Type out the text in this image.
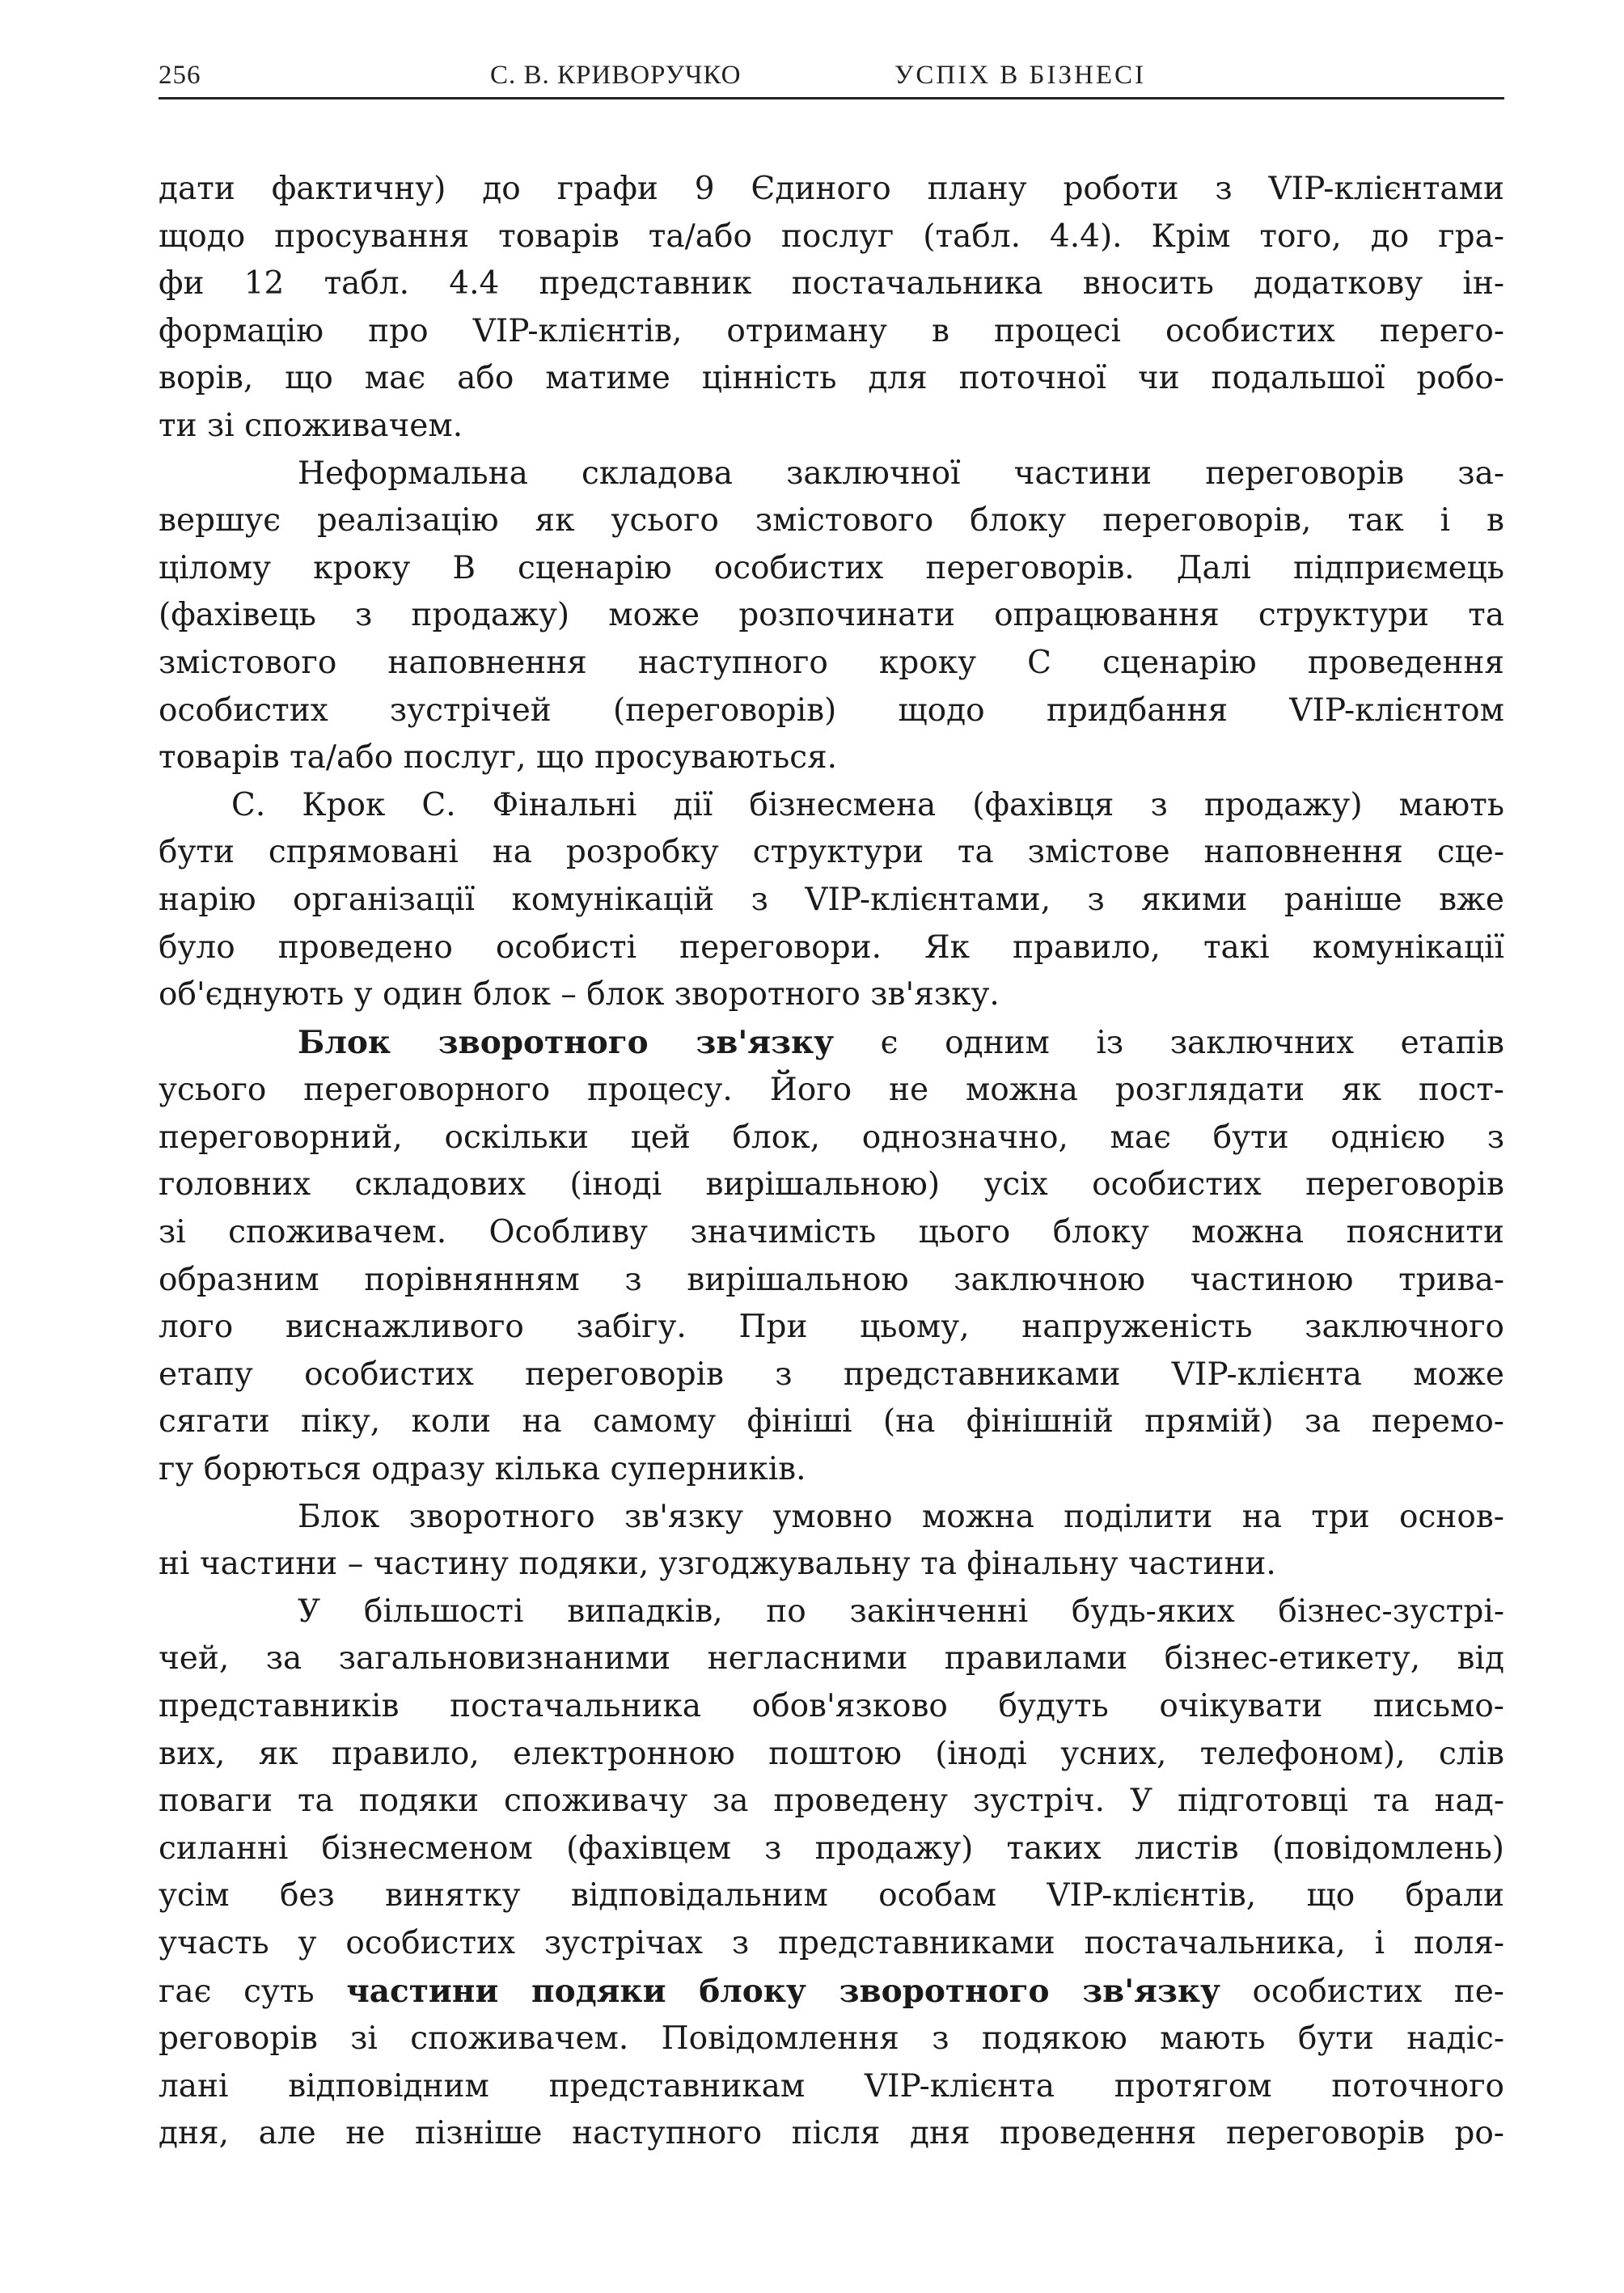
256	С. В. КРИВОРУЧКО	УСПІХ В БІЗНЕСІ

дати фактичну) до графи 9 Єдиного плану роботи з VIP-клієнтами
щодо просування товарів та/або послуг (табл. 4.4). Крім того, до гра-
фи 12 табл. 4.4 представник постачальника вносить додаткову ін-
формацію про VIP-клієнтів, отриману в процесі особистих перего-
ворів, що має або матиме цінність для поточної чи подальшої робо-
ти зі споживачем.

Неформальна складова заключної частини переговорів за-
вершує реалізацію як усього змістового блоку переговорів, так і в
цілому кроку В сценарію особистих переговорів. Далі підприємець
(фахівець з продажу) може розпочинати опрацювання структури та
змістового наповнення наступного кроку С сценарію проведення
особистих зустрічей (переговорів) щодо придбання VIP-клієнтом
товарів та/або послуг, що просуваються.

С. Крок С. Фінальні дії бізнесмена (фахівця з продажу) мають
бути спрямовані на розробку структури та змістове наповнення сце-
нарію організації комунікацій з VIP-клієнтами, з якими раніше вже
було проведено особисті переговори. Як правило, такі комунікації
об'єднують у один блок – блок зворотного зв'язку.

Блок зворотного зв'язку є одним із заключних етапів
усього переговорного процесу. Його не можна розглядати як пост-
переговорний, оскільки цей блок, однозначно, має бути однією з
головних складових (іноді вирішальною) усіх особистих переговорів
зі споживачем. Особливу значимість цього блоку можна пояснити
образним порівнянням з вирішальною заключною частиною трива-
лого виснажливого забігу. При цьому, напруженість заключного
етапу особистих переговорів з представниками VIP-клієнта може
сягати піку, коли на самому фініші (на фінішній прямій) за перемо-
гу борються одразу кілька суперників.

Блок зворотного зв'язку умовно можна поділити на три основ-
ні частини – частину подяки, узгоджувальну та фінальну частини.

У більшості випадків, по закінченні будь-яких бізнес-зустрі-
чей, за загальновизнаними негласними правилами бізнес-етикету, від
представників постачальника обов'язково будуть очікувати письмо-
вих, як правило, електронною поштою (іноді усних, телефоном), слів
поваги та подяки споживачу за проведену зустріч. У підготовці та над-
силанні бізнесменом (фахівцем з продажу) таких листів (повідомлень)
усім без винятку відповідальним особам VIP-клієнтів, що брали
участь у особистих зустрічах з представниками постачальника, і поля-
гає суть частини подяки блоку зворотного зв'язку особистих пе-
реговорів зі споживачем. Повідомлення з подякою мають бути надіс-
лані відповідним представникам VIP-клієнта протягом поточного
дня, але не пізніше наступного після дня проведення переговорів ро-
